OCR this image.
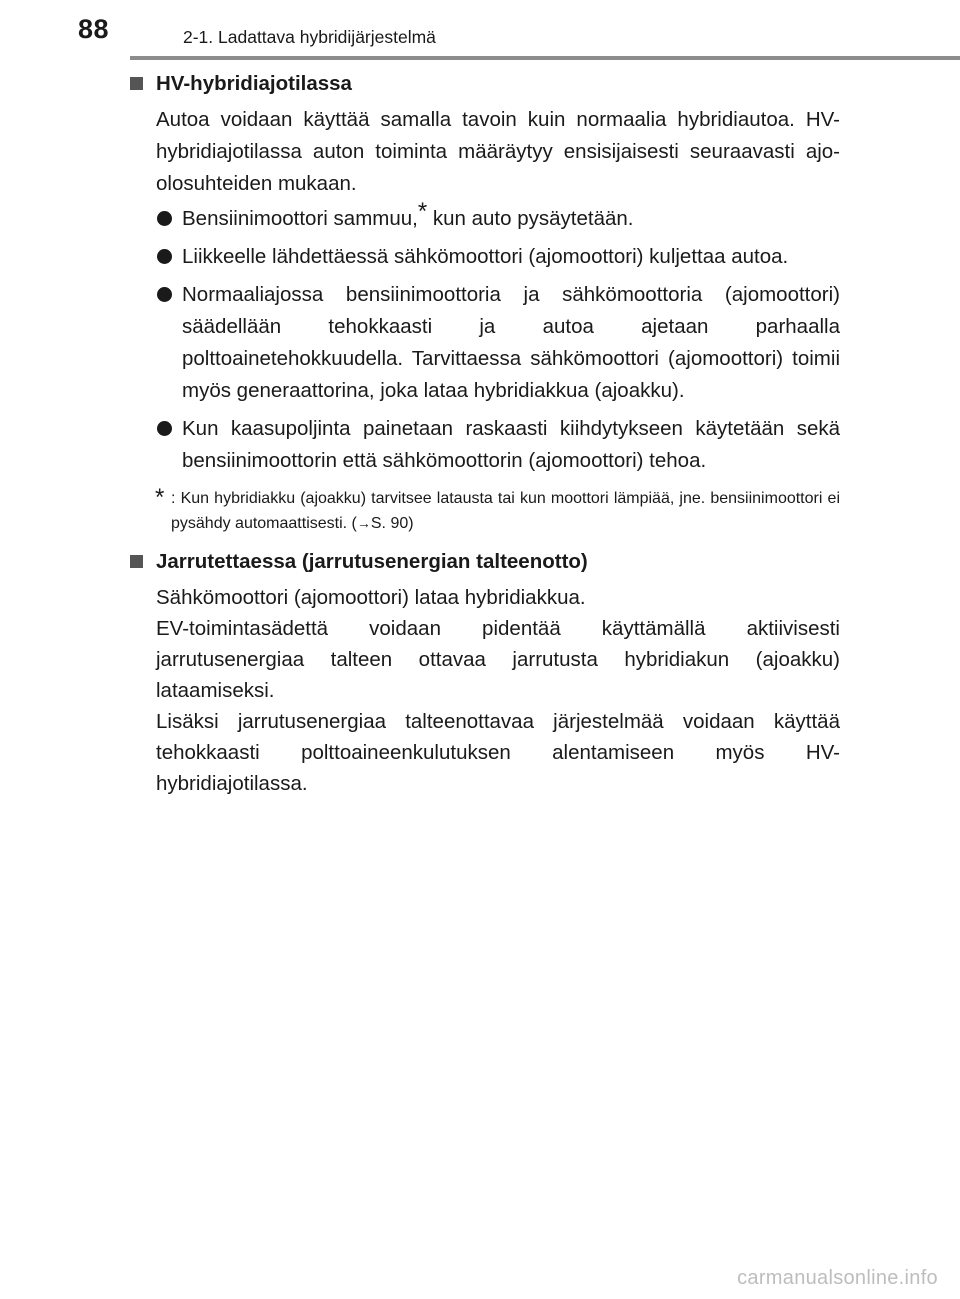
88	2-1. Ladattava hybridijärjestelmä
HV-hybridiajotilassa

Autoa voidaan käyttää samalla tavoin kuin normaalia hybridiautoa. HV-hybridiajotilassa auton toiminta määräytyy ensisijaisesti seuraavasti ajo-olosuhteiden mukaan.

Bensiinimoottori sammuu,* kun auto pysäytetään.
Liikkeelle lähdettäessä sähkömoottori (ajomoottori) kuljettaa autoa.
Normaaliajossa bensiinimoottoria ja sähkömoottoria (ajomoottori) säädellään tehokkaasti ja autoa ajetaan parhaalla polttoainetehokkuudella. Tarvittaessa sähkömoottori (ajomoottori) toimii myös generaattorina, joka lataa hybridiakkua (ajoakku).
Kun kaasupoljinta painetaan raskaasti kiihdytykseen käytetään sekä bensiinimoottorin että sähkömoottorin (ajomoottori) tehoa.

* : Kun hybridiakku (ajoakku) tarvitsee latausta tai kun moottori lämpiää, jne. bensiinimoottori ei pysähdy automaattisesti. (→S. 90)

Jarrutettaessa (jarrutusenergian talteenotto)

Sähkömoottori (ajomoottori) lataa hybridiakkua.

EV-toimintasädettä voidaan pidentää käyttämällä aktiivisesti jarrutusenergiaa talteen ottavaa jarrutusta hybridiakun (ajoakku) lataamiseksi.

Lisäksi jarrutusenergiaa talteenottavaa järjestelmää voidaan käyttää tehokkaasti polttoaineenkulutuksen alentamiseen myös HV-hybridiajotilassa.

carmanualsonline.info
